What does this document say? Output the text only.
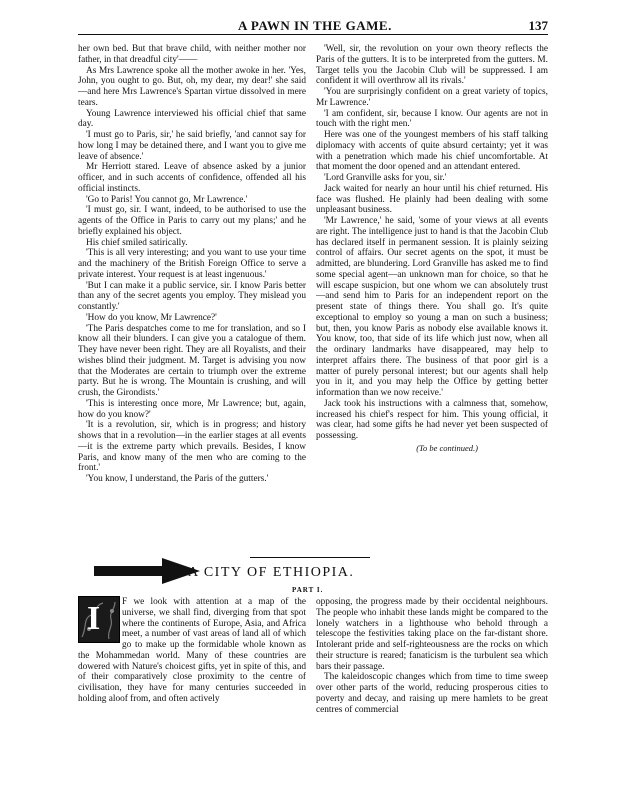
A PAWN IN THE GAME.	137

her own bed. But that brave child, with neither mother nor father, in that dreadful city'——

As Mrs Lawrence spoke all the mother awoke in her. 'Yes, John, you ought to go. But, oh, my dear, my dear!' she said—and here Mrs Lawrence's Spartan virtue dissolved in mere tears.

Young Lawrence interviewed his official chief that same day.

'I must go to Paris, sir,' he said briefly, 'and cannot say for how long I may be detained there, and I want you to give me leave of absence.'

Mr Herriott stared. Leave of absence asked by a junior officer, and in such accents of confidence, offended all his official instincts.

'Go to Paris! You cannot go, Mr Lawrence.'

'I must go, sir. I want, indeed, to be authorised to use the agents of the Office in Paris to carry out my plans;' and he briefly explained his object.

His chief smiled satirically.

'This is all very interesting; and you want to use your time and the machinery of the British Foreign Office to serve a private interest. Your request is at least ingenuous.'

'But I can make it a public service, sir. I know Paris better than any of the secret agents you employ. They mislead you constantly.'

'How do you know, Mr Lawrence?'

'The Paris despatches come to me for translation, and so I know all their blunders. I can give you a catalogue of them. They have never been right. They are all Royalists, and their wishes blind their judgment. M. Target is advising you now that the Moderates are certain to triumph over the extreme party. But he is wrong. The Mountain is crushing, and will crush, the Girondists.'

'This is interesting once more, Mr Lawrence; but, again, how do you know?'

'It is a revolution, sir, which is in progress; and history shows that in a revolution—in the earlier stages at all events—it is the extreme party which prevails. Besides, I know Paris, and know many of the men who are coming to the front.'

'You know, I understand, the Paris of the gutters.'

'Well, sir, the revolution on your own theory reflects the Paris of the gutters. It is to be interpreted from the gutters. M. Target tells you the Jacobin Club will be suppressed. I am confident it will overthrow all its rivals.'

'You are surprisingly confident on a great variety of topics, Mr Lawrence.'

'I am confident, sir, because I know. Our agents are not in touch with the right men.'

Here was one of the youngest members of his staff talking diplomacy with accents of quite absurd certainty; yet it was with a penetration which made his chief uncomfortable. At that moment the door opened and an attendant entered.

'Lord Granville asks for you, sir.'

Jack waited for nearly an hour until his chief returned. His face was flushed. He plainly had been dealing with some unpleasant business.

'Mr Lawrence,' he said, 'some of your views at all events are right. The intelligence just to hand is that the Jacobin Club has declared itself in permanent session. It is plainly seizing control of affairs. Our secret agents on the spot, it must be admitted, are blundering. Lord Granville has asked me to find some special agent—an unknown man for choice, so that he will escape suspicion, but one whom we can absolutely trust—and send him to Paris for an independent report on the present state of things there. You shall go. It's quite exceptional to employ so young a man on such a business; but, then, you know Paris as nobody else available knows it. You know, too, that side of its life which just now, when all the ordinary landmarks have disappeared, may help to interpret affairs there. The business of that poor girl is a matter of purely personal interest; but our agents shall help you in it, and you may help the Office by getting better information than we now receive.'

Jack took his instructions with a calmness that, somehow, increased his chief's respect for him. This young official, it was clear, had some gifts he had never yet been suspected of possessing.

(To be continued.)
A CITY OF ETHIOPIA.
PART I.

F we look with attention at a map of the universe, we shall find, diverging from that spot where the continents of Europe, Asia, and Africa meet, a number of vast areas of land all of which go to make up the formidable whole known as the Mohammedan world. Many of these countries are dowered with Nature's choicest gifts, yet in spite of this, and of their comparatively close proximity to the centre of civilisation, they have for many centuries succeeded in holding aloof from, and often actively

I	opposing, the progress made by their occidental neighbours. The people who inhabit these lands might be compared to the lonely watchers in a lighthouse who behold through a telescope the festivities taking place on the far-distant shore. Intolerant pride and self-righteousness are the rocks on which their structure is reared; fanaticism is the turbulent sea which bars their passage.

The kaleidoscopic changes which from time to time sweep over other parts of the world, reducing prosperous cities to poverty and decay, and raising up mere hamlets to be great centres of commercial
